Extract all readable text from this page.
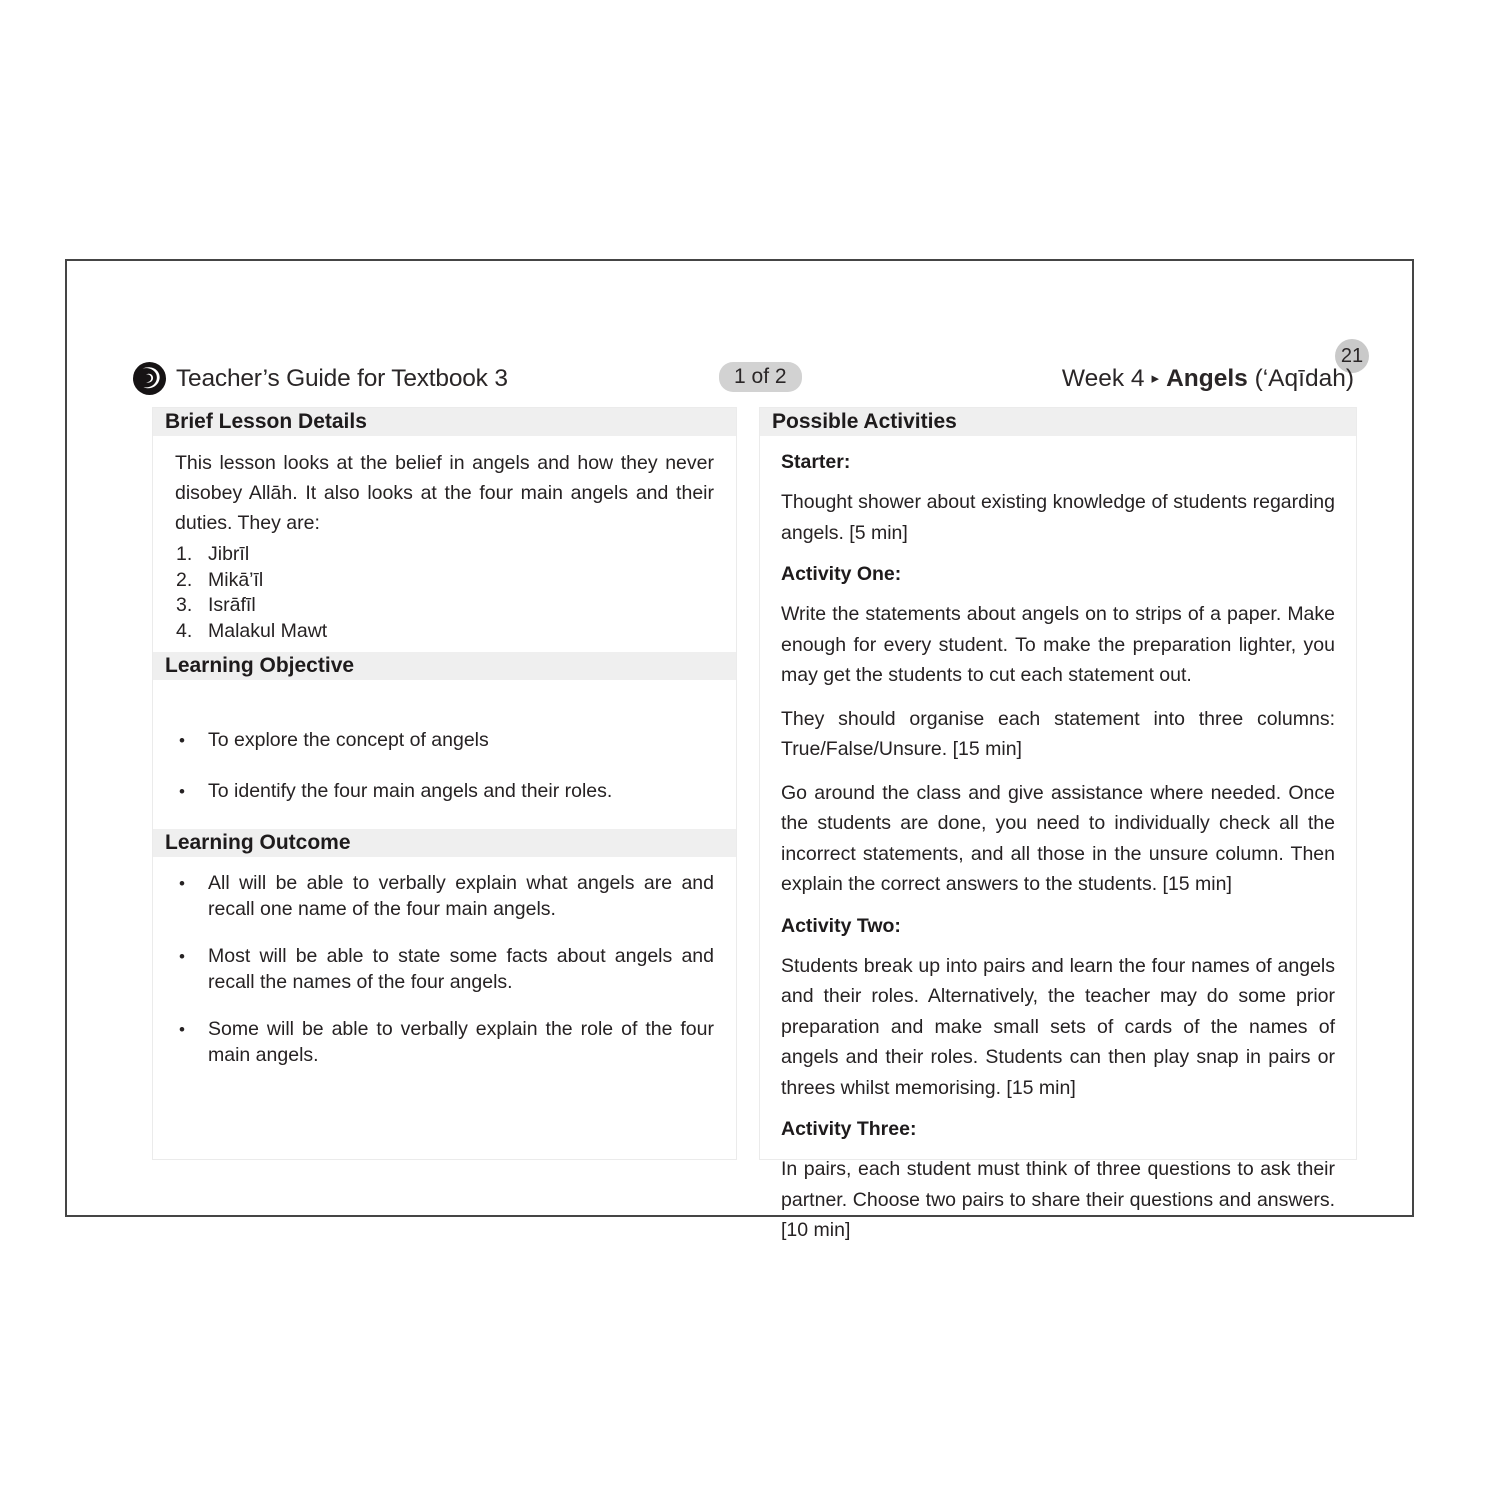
Teacher’s Guide for Textbook 3	1 of 2
21
Week 4 ▸ Angels (‘Aqīdah)
Brief Lesson Details

This lesson looks at the belief in angels and how they never disobey Allāh. It also looks at the four main angels and their duties. They are:

Jibrīl
Mikā’īl
Isrāfīl
Malakul Mawt
Learning Objective
• To explore the concept of angels
• To identify the four main angels and their roles.
Learning Outcome
• All will be able to verbally explain what angels are and recall one name of the four main angels.
• Most will be able to state some facts about angels and recall the names of the four angels.
• Some will be able to verbally explain the role of the four main angels.
Possible Activities
Starter:

Thought shower about existing knowledge of students regarding angels. [5 min]

Activity One:

Write the statements about angels on to strips of a paper. Make enough for every student. To make the preparation lighter, you may get the students to cut each statement out.

They should organise each statement into three columns: True/False/Unsure. [15 min]

Go around the class and give assistance where needed. Once the students are done, you need to individually check all the incorrect statements, and all those in the unsure column. Then explain the correct answers to the students. [15 min]

Activity Two:

Students break up into pairs and learn the four names of angels and their roles. Alternatively, the teacher may do some prior preparation and make small sets of cards of the names of angels and their roles. Students can then play snap in pairs or threes whilst memorising. [15 min]

Activity Three:

In pairs, each student must think of three questions to ask their partner. Choose two pairs to share their questions and answers. [10 min]
